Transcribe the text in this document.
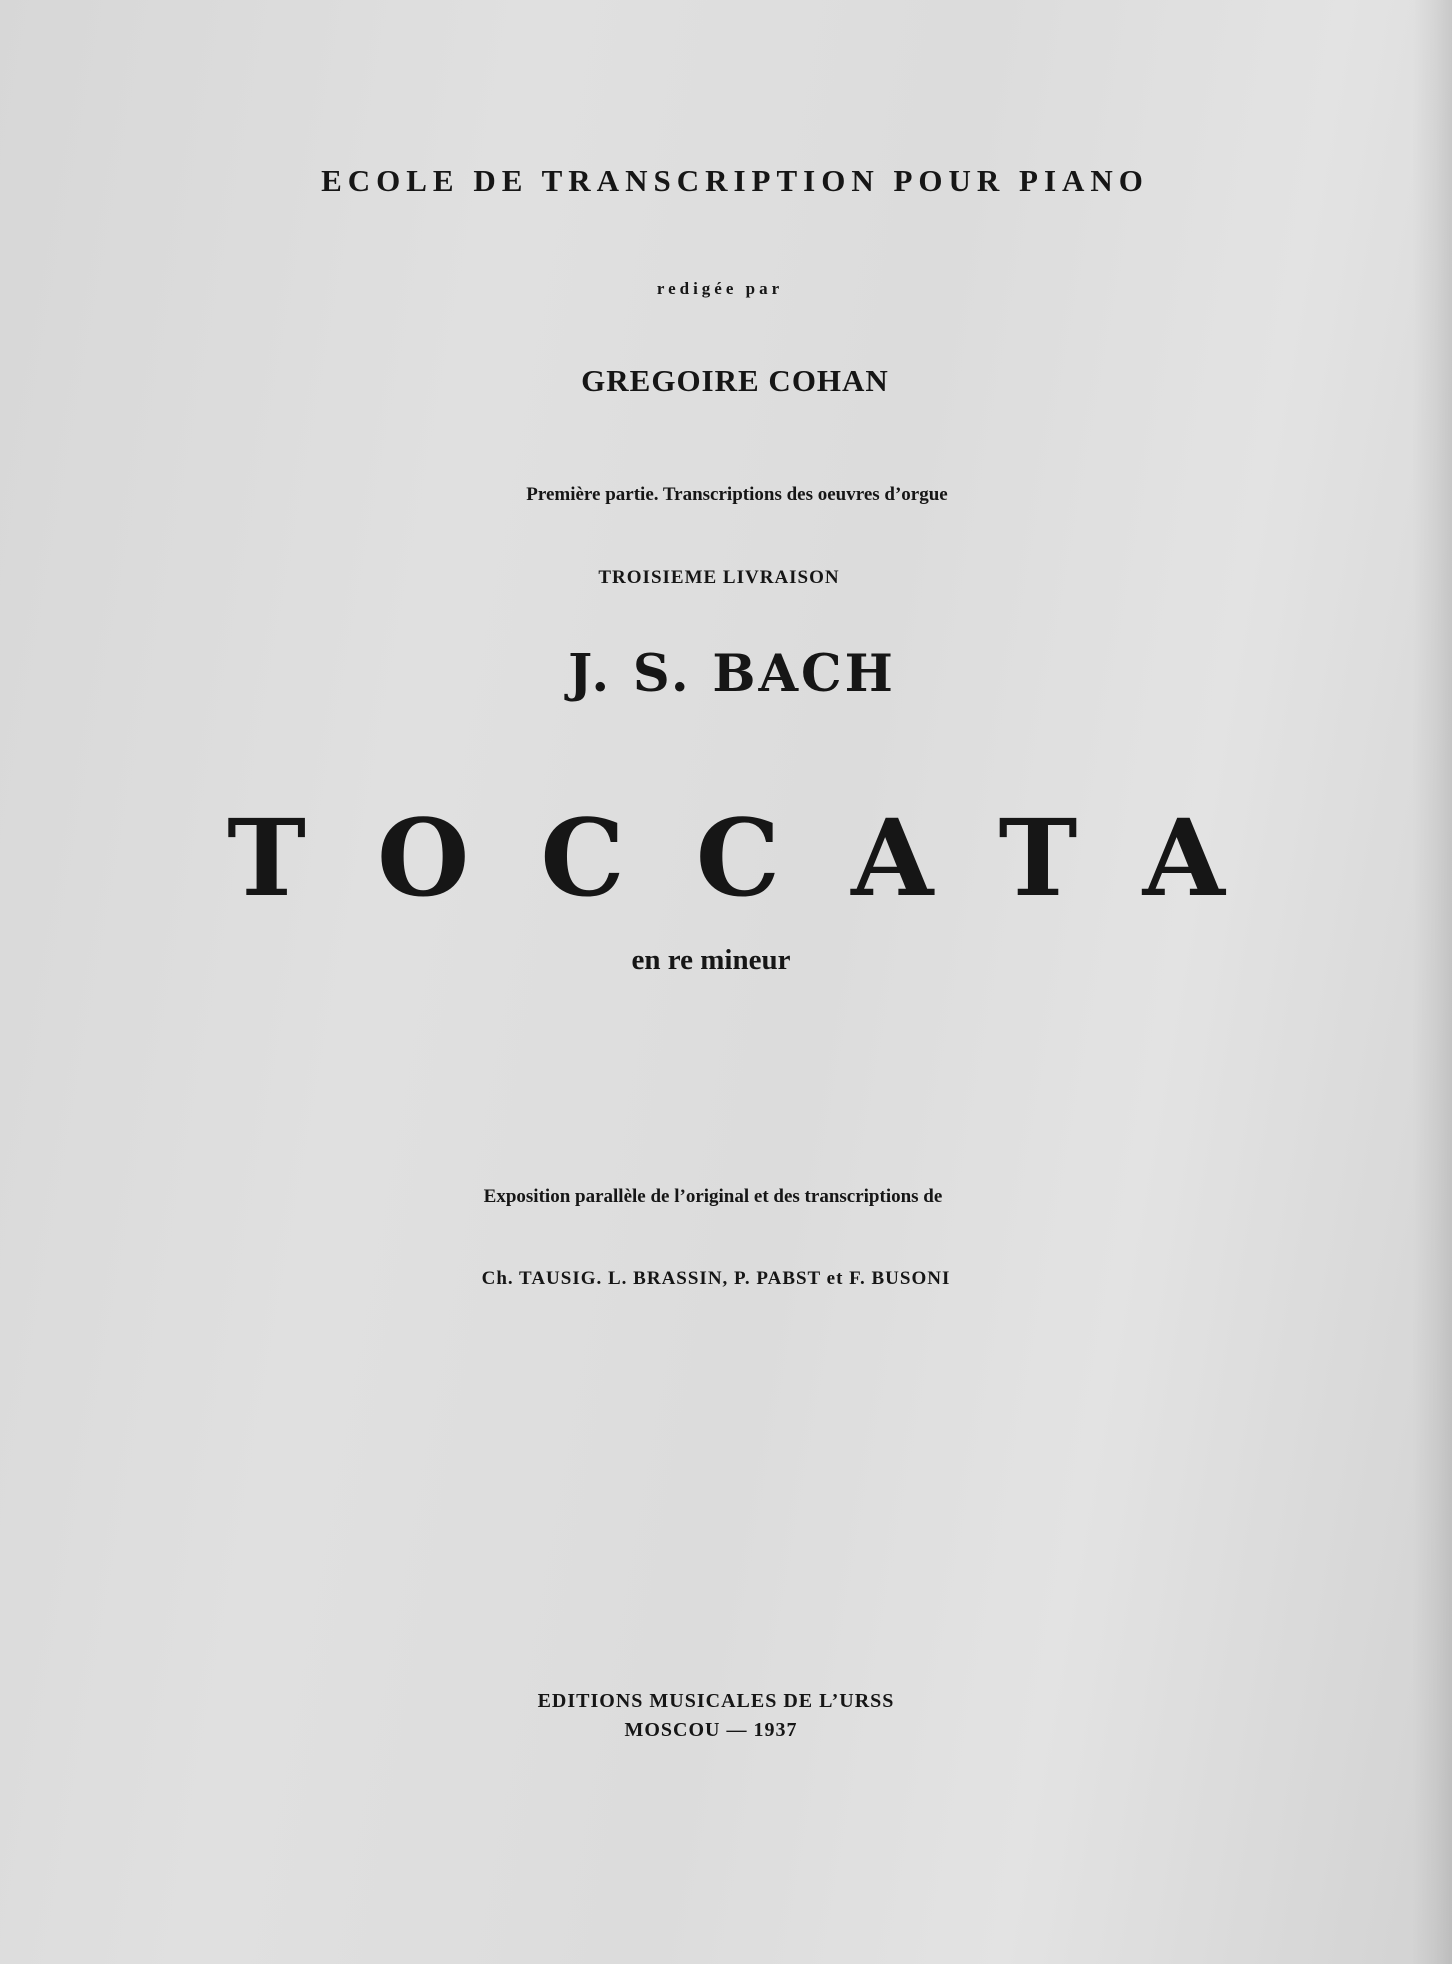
ECOLE DE TRANSCRIPTION POUR PIANO
redigée par
GREGOIRE COHAN
Première partie. Transcriptions des oeuvres d’orgue
TROISIEME LIVRAISON
J. S. BACH
TOCCATA
en re mineur
Exposition parallèle de l’original et des transcriptions de
Ch. TAUSIG. L. BRASSIN, P. PABST et F. BUSONI
EDITIONS MUSICALES DE L’URSS
MOSCOU — 1937
